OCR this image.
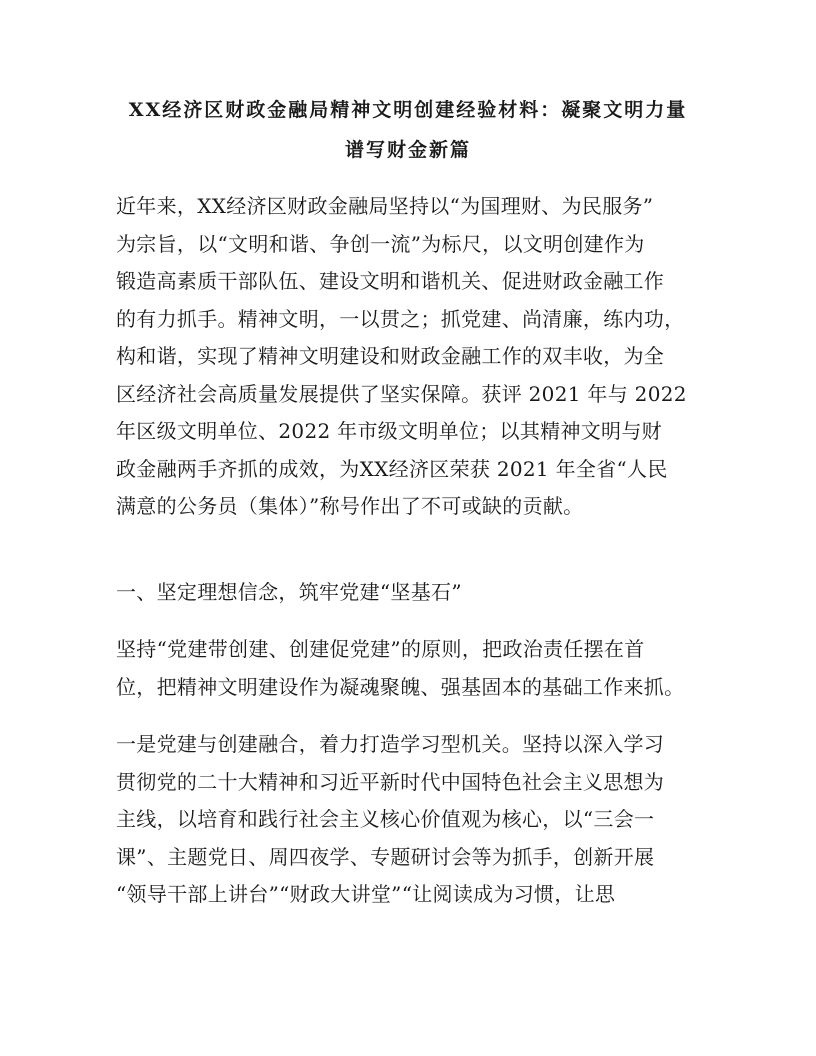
XX经济区财政金融局精神文明创建经验材料：凝聚文明力量
谱写财金新篇
近年来，XX经济区财政金融局坚持以“为国理财、为民服务”
为宗旨，以“文明和谐、争创一流”为标尺，以文明创建作为
锻造高素质干部队伍、建设文明和谐机关、促进财政金融工作
的有力抓手。精神文明，一以贯之；抓党建、尚清廉，练内功，
构和谐，实现了精神文明建设和财政金融工作的双丰收，为全
区经济社会高质量发展提供了坚实保障。获评 2021 年与 2022
年区级文明单位、2022 年市级文明单位；以其精神文明与财
政金融两手齐抓的成效，为XX经济区荣获 2021 年全省“人民
满意的公务员（集体）”称号作出了不可或缺的贡献。
一、坚定理想信念，筑牢党建“坚基石”
坚持“党建带创建、创建促党建”的原则，把政治责任摆在首
位，把精神文明建设作为凝魂聚魄、强基固本的基础工作来抓。
一是党建与创建融合，着力打造学习型机关。坚持以深入学习
贯彻党的二十大精神和习近平新时代中国特色社会主义思想为
主线，以培育和践行社会主义核心价值观为核心，以“三会一
课”、主题党日、周四夜学、专题研讨会等为抓手，创新开展
“领导干部上讲台”“财政大讲堂”“让阅读成为习惯，让思
